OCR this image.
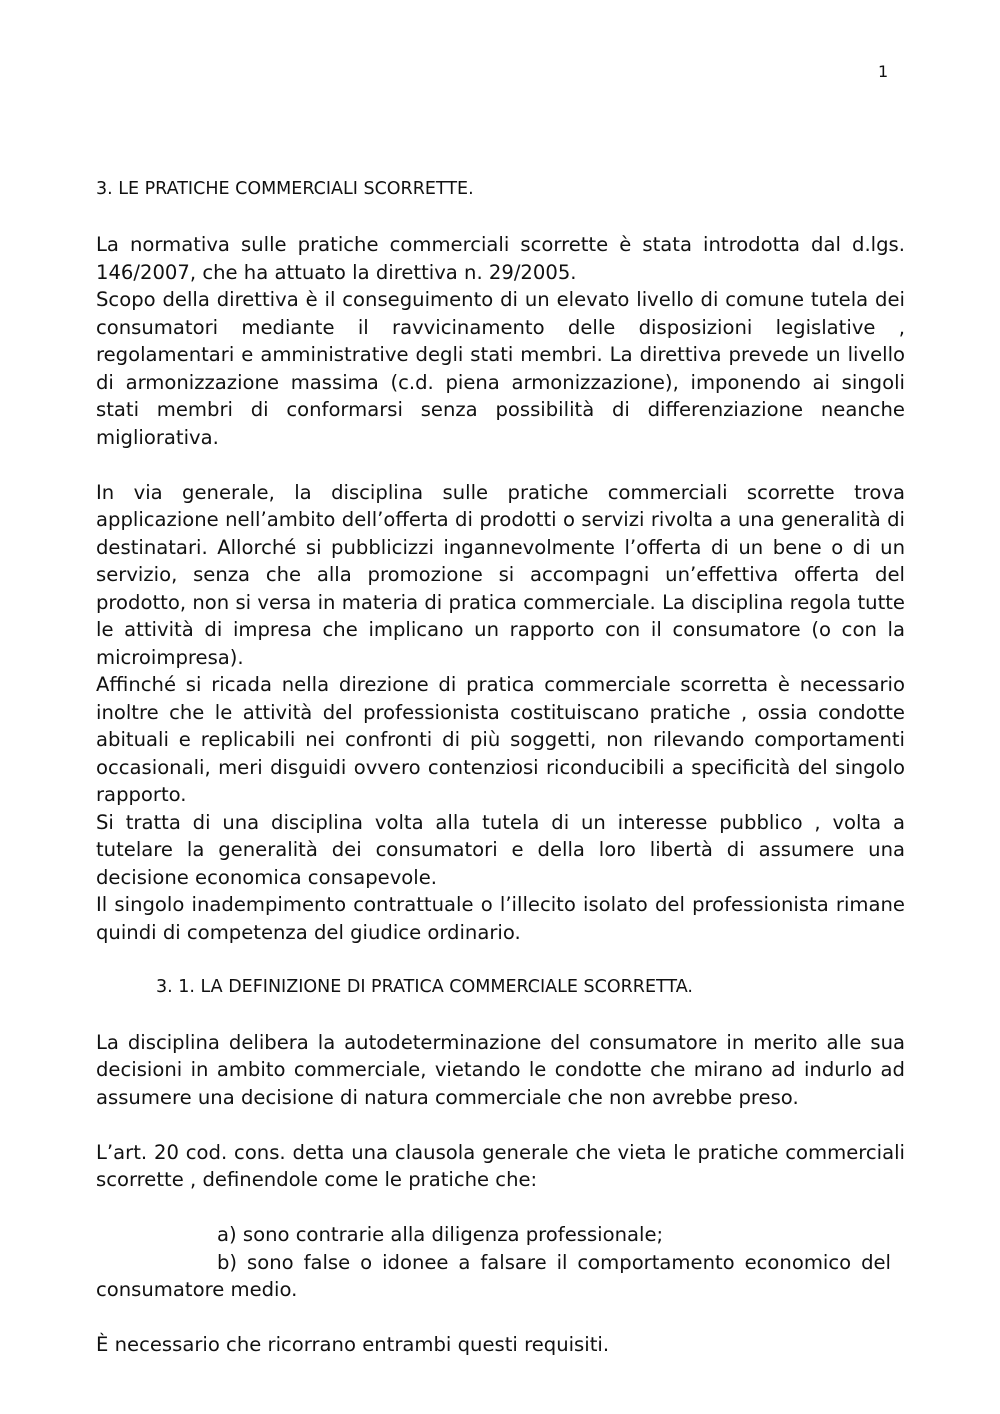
1
3. LE PRATICHE COMMERCIALI SCORRETTE.

La normativa sulle pratiche commerciali scorrette è stata introdotta dal d.lgs. 146/2007, che ha attuato la direttiva n. 29/2005.

Scopo della direttiva è il conseguimento di un elevato livello di comune tutela dei consumatori mediante il ravvicinamento delle disposizioni legislative , regolamentari e amministrative degli stati membri. La direttiva prevede un livello di armonizzazione massima (c.d. piena armonizzazione), imponendo ai singoli stati membri di conformarsi senza possibilità di differenziazione neanche migliorativa.

In via generale, la disciplina sulle pratiche commerciali scorrette trova applicazione nell’ambito dell’offerta di prodotti o servizi rivolta a una generalità di destinatari. Allorché si pubblicizzi ingannevolmente l’offerta di un bene o di un servizio, senza che alla promozione si accompagni un’effettiva offerta del prodotto, non si versa in materia di pratica commerciale. La disciplina regola tutte le attività di impresa che implicano un rapporto con il consumatore (o con la microimpresa).

Affinché si ricada nella direzione di pratica commerciale scorretta è necessario inoltre che le attività del professionista costituiscano pratiche , ossia condotte abituali e replicabili nei confronti di più soggetti, non rilevando comportamenti occasionali, meri disguidi ovvero contenziosi riconducibili a specificità del singolo rapporto.

Si tratta di una disciplina volta alla tutela di un interesse pubblico , volta a tutelare la generalità dei consumatori e della loro libertà di assumere una decisione economica consapevole.

Il singolo inadempimento contrattuale o l’illecito isolato del professionista rimane quindi di competenza del giudice ordinario.

3. 1. LA DEFINIZIONE DI PRATICA COMMERCIALE SCORRETTA.

La disciplina delibera la autodeterminazione del consumatore in merito alle sua decisioni in ambito commerciale, vietando le condotte che mirano ad indurlo ad assumere una decisione di natura commerciale che non avrebbe preso.

L’art. 20 cod. cons. detta una clausola generale che vieta le pratiche commerciali scorrette , definendole come le pratiche che:

a) sono contrarie alla diligenza professionale;

b) sono false o idonee a falsare il comportamento economico del consumatore medio.

È necessario che ricorrano entrambi questi requisiti.
